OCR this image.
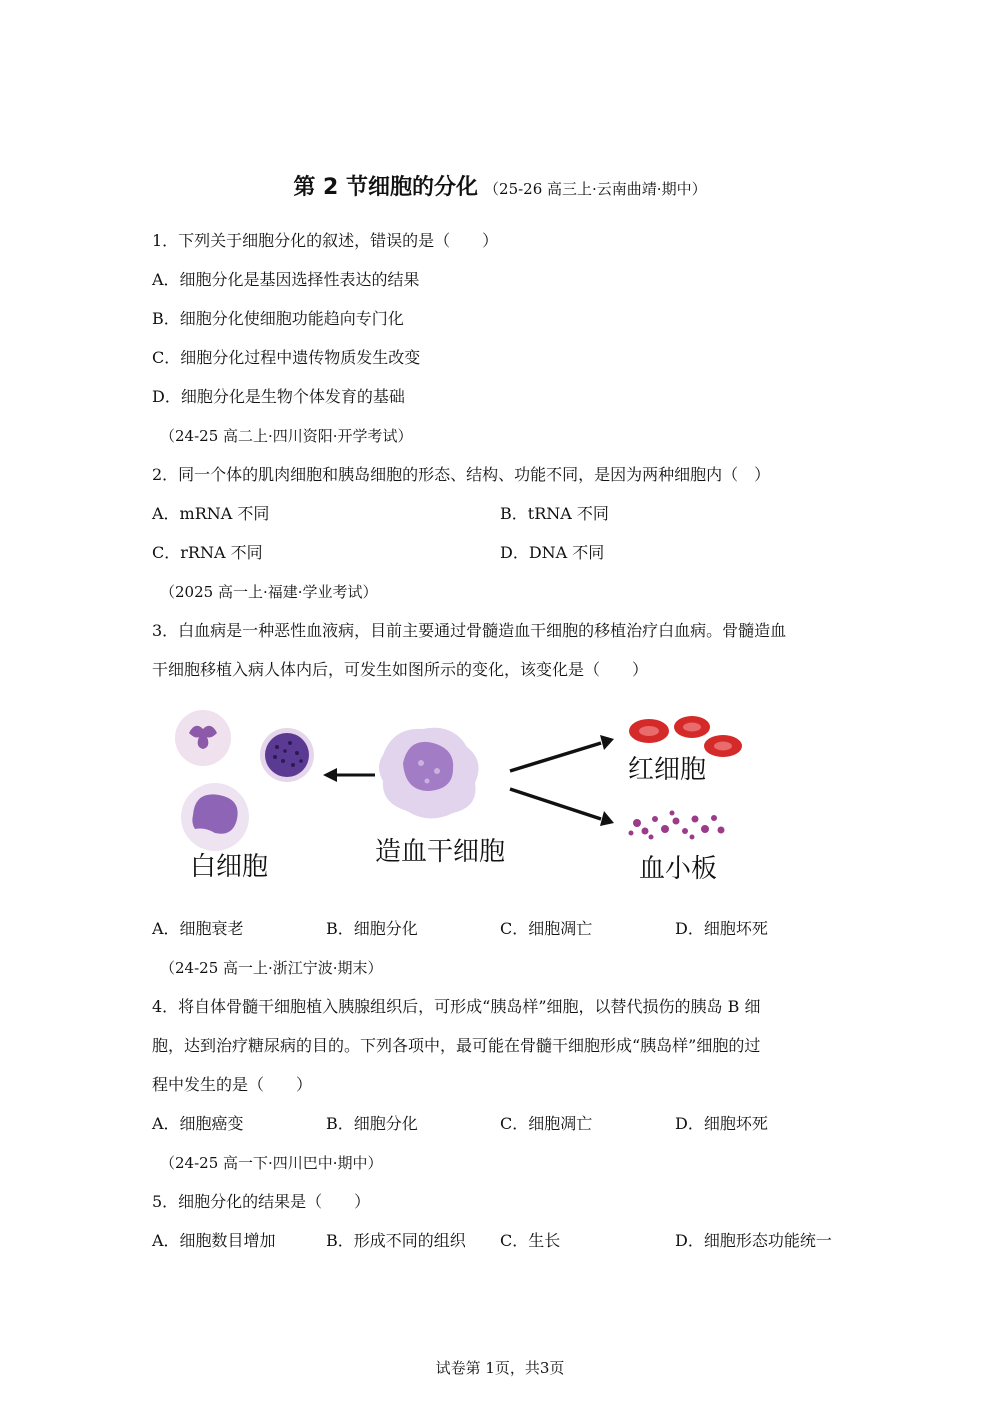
第 2 节细胞的分化 （25-26 高三上·云南曲靖·期中）
1．下列关于细胞分化的叙述，错误的是（　　）
A．细胞分化是基因选择性表达的结果
B．细胞分化使细胞功能趋向专门化
C．细胞分化过程中遗传物质发生改变
D．细胞分化是生物个体发育的基础
（24-25 高二上·四川资阳·开学考试）
2．同一个体的肌肉细胞和胰岛细胞的形态、结构、功能不同，是因为两种细胞内（　）
A．mRNA 不同	B．tRNA 不同
C．rRNA 不同	D．DNA 不同
（2025 高一上·福建·学业考试）
3．白血病是一种恶性血液病，目前主要通过骨髓造血干细胞的移植治疗白血病。骨髓造血
干细胞移植入病人体内后，可发生如图所示的变化，该变化是（　　）
白细胞	造血干细胞
红细胞
血小板
A．细胞衰老	B．细胞分化	C．细胞凋亡	D．细胞坏死
（24-25 高一上·浙江宁波·期末）
4．将自体骨髓干细胞植入胰腺组织后，可形成“胰岛样”细胞，以替代损伤的胰岛 B 细
胞，达到治疗糖尿病的目的。下列各项中，最可能在骨髓干细胞形成“胰岛样”细胞的过
程中发生的是（　　）
A．细胞癌变	B．细胞分化	C．细胞凋亡	D．细胞坏死
（24-25 高一下·四川巴中·期中）
5．细胞分化的结果是（　　）
A．细胞数目增加	B．形成不同的组织 C．生长	D．细胞形态功能统一
试卷第 1页，共3页
